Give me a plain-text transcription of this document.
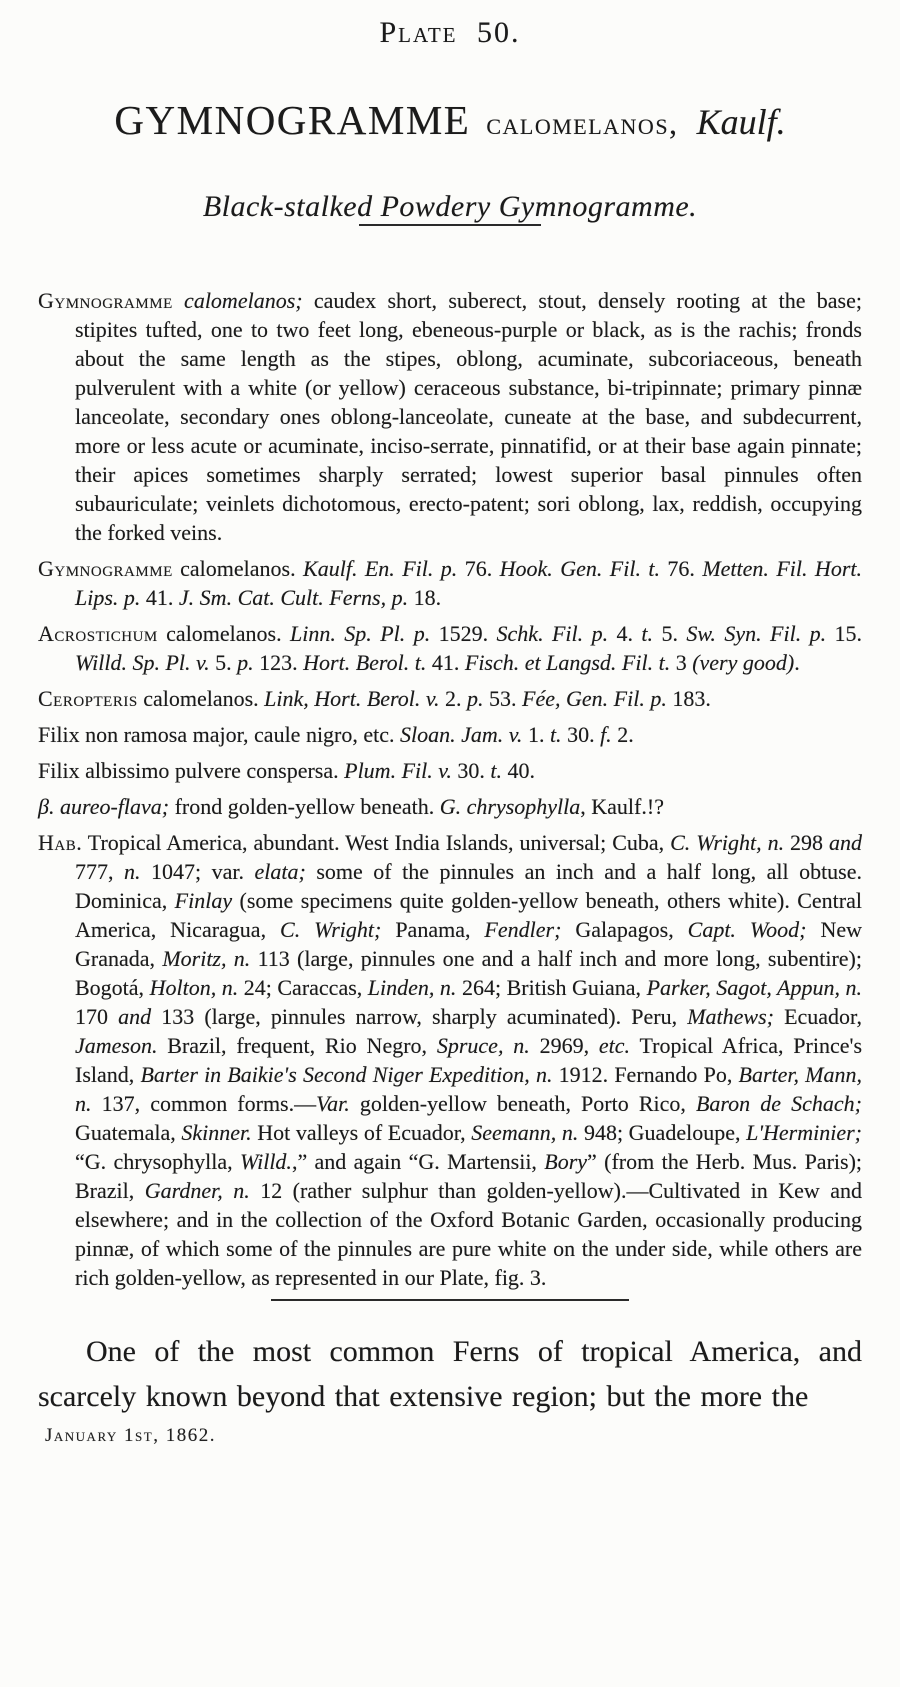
Plate 50.
GYMNOGRAMME calomelanos, Kaulf.
Black-stalked Powdery Gymnogramme.

Gymnogramme calomelanos; caudex short, suberect, stout, densely rooting at the base; stipites tufted, one to two feet long, ebeneous-purple or black, as is the rachis; fronds about the same length as the stipes, oblong, acuminate, subcoriaceous, beneath pulverulent with a white (or yellow) ceraceous substance, bi-tripinnate; primary pinnæ lanceolate, secondary ones oblong-lanceolate, cuneate at the base, and subdecurrent, more or less acute or acuminate, inciso-serrate, pinnatifid, or at their base again pinnate; their apices sometimes sharply serrated; lowest superior basal pinnules often subauriculate; veinlets dichotomous, erecto-patent; sori oblong, lax, reddish, occupying the forked veins.

Gymnogramme calomelanos. Kaulf. En. Fil. p. 76. Hook. Gen. Fil. t. 76. Metten. Fil. Hort. Lips. p. 41. J. Sm. Cat. Cult. Ferns, p. 18.

Acrostichum calomelanos. Linn. Sp. Pl. p. 1529. Schk. Fil. p. 4. t. 5. Sw. Syn. Fil. p. 15. Willd. Sp. Pl. v. 5. p. 123. Hort. Berol. t. 41. Fisch. et Langsd. Fil. t. 3 (very good).

Ceropteris calomelanos. Link, Hort. Berol. v. 2. p. 53. Fée, Gen. Fil. p. 183.

Filix non ramosa major, caule nigro, etc. Sloan. Jam. v. 1. t. 30. f. 2.

Filix albissimo pulvere conspersa. Plum. Fil. v. 30. t. 40.

β. aureo-flava; frond golden-yellow beneath. G. chrysophylla, Kaulf.!?

Hab. Tropical America, abundant. West India Islands, universal; Cuba, C. Wright, n. 298 and 777, n. 1047; var. elata; some of the pinnules an inch and a half long, all obtuse. Dominica, Finlay (some specimens quite golden-yellow beneath, others white). Central America, Nicaragua, C. Wright; Panama, Fendler; Galapagos, Capt. Wood; New Granada, Moritz, n. 113 (large, pinnules one and a half inch and more long, subentire); Bogotá, Holton, n. 24; Caraccas, Linden, n. 264; British Guiana, Parker, Sagot, Appun, n. 170 and 133 (large, pinnules narrow, sharply acuminated). Peru, Mathews; Ecuador, Jameson. Brazil, frequent, Rio Negro, Spruce, n. 2969, etc. Tropical Africa, Prince's Island, Barter in Baikie's Second Niger Expedition, n. 1912. Fernando Po, Barter, Mann, n. 137, common forms.—Var. golden-yellow beneath, Porto Rico, Baron de Schach; Guatemala, Skinner. Hot valleys of Ecuador, Seemann, n. 948; Guadeloupe, L'Herminier; “G. chrysophylla, Willd.,” and again “G. Martensii, Bory” (from the Herb. Mus. Paris); Brazil, Gardner, n. 12 (rather sulphur than golden-yellow).—Cultivated in Kew and elsewhere; and in the collection of the Oxford Botanic Garden, occasionally producing pinnæ, of which some of the pinnules are pure white on the under side, while others are rich golden-yellow, as represented in our Plate, fig. 3.

One of the most common Ferns of tropical America, and scarcely known beyond that extensive region; but the more the

January 1st, 1862.
